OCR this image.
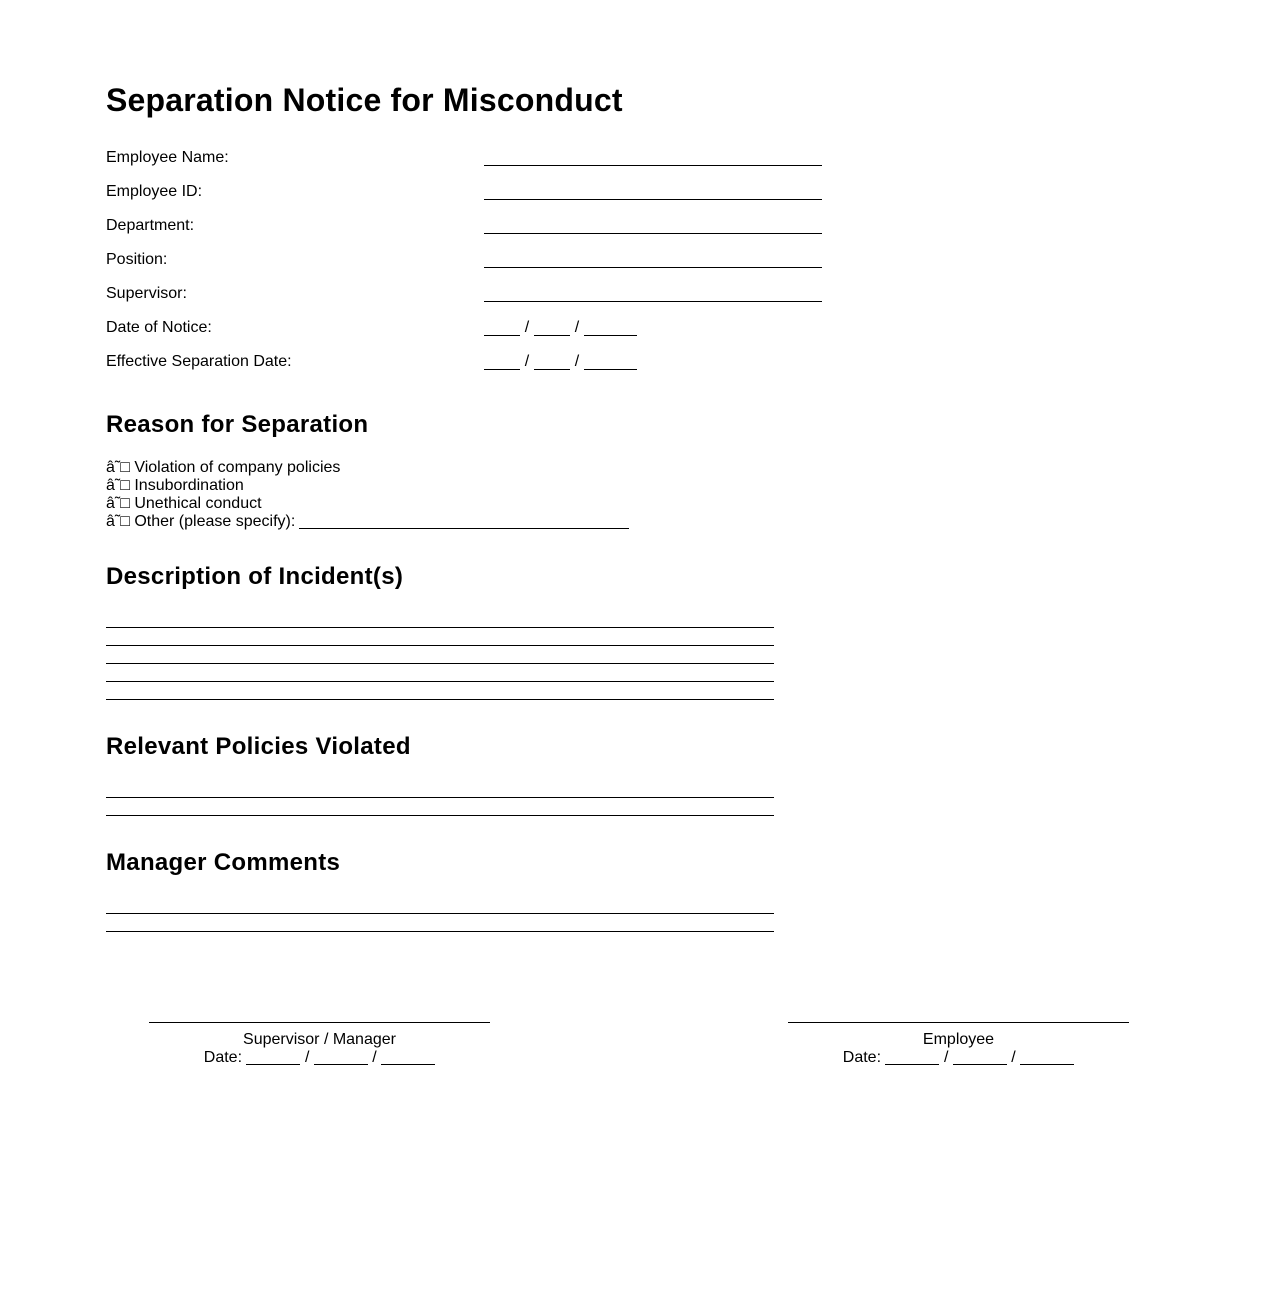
Separation Notice for Misconduct
Employee Name:
Employee ID:
Department:
Position:
Supervisor:
Date of Notice:	/	/
Effective Separation Date:	/	/
Reason for Separation
â˜□ Violation of company policies
â˜□ Insubordination
â˜□ Unethical conduct
â˜□ Other (please specify):
Description of Incident(s)
Relevant Policies Violated
Manager Comments
Supervisor / Manager
Date:	/	/
Employee
Date:	/	/
